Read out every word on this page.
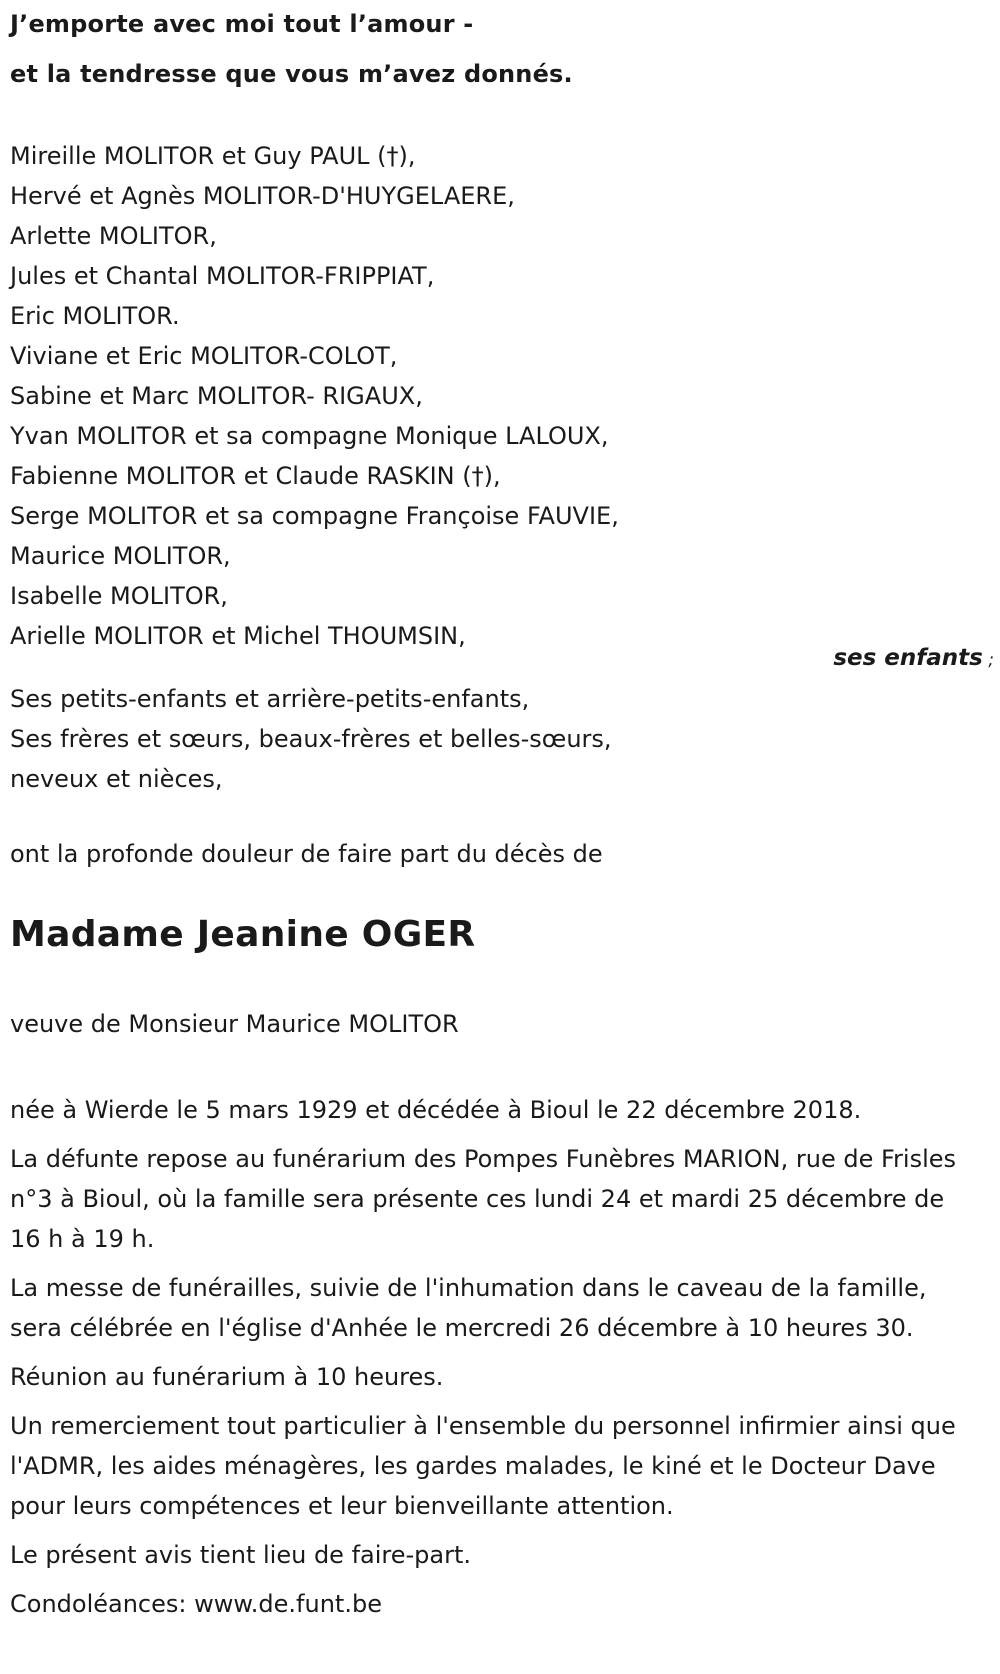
J’emporte avec moi tout l’amour -

et la tendresse que vous m’avez donnés.

Mireille MOLITOR et Guy PAUL (†),
Hervé et Agnès MOLITOR-D'HUYGELAERE,
Arlette MOLITOR,
Jules et Chantal MOLITOR-FRIPPIAT,
Eric MOLITOR.
Viviane et Eric MOLITOR-COLOT,
Sabine et Marc MOLITOR- RIGAUX,
Yvan MOLITOR et sa compagne Monique LALOUX,
Fabienne MOLITOR et Claude RASKIN (†),
Serge MOLITOR et sa compagne Françoise FAUVIE,
Maurice MOLITOR,
Isabelle MOLITOR,
Arielle MOLITOR et Michel THOUMSIN,
ses enfants ;
Ses petits-enfants et arrière-petits-enfants,
Ses frères et sœurs, beaux-frères et belles-sœurs,
neveux et nièces,

ont la profonde douleur de faire part du décès de

Madame Jeanine OGER

veuve de Monsieur Maurice MOLITOR

née à Wierde le 5 mars 1929 et décédée à Bioul le 22 décembre 2018.

La défunte repose au funérarium des Pompes Funèbres MARION, rue de Frisles n°3 à Bioul, où la famille sera présente ces lundi 24 et mardi 25 décembre de 16 h à 19 h.

La messe de funérailles, suivie de l'inhumation dans le caveau de la famille, sera célébrée en l'église d'Anhée le mercredi 26 décembre à 10 heures 30.

Réunion au funérarium à 10 heures.

Un remerciement tout particulier à l'ensemble du personnel infirmier ainsi que l'ADMR, les aides ménagères, les gardes malades, le kiné et le Docteur Dave pour leurs compétences et leur bienveillante attention.

Le présent avis tient lieu de faire-part.

Condoléances: www.de.funt.be
